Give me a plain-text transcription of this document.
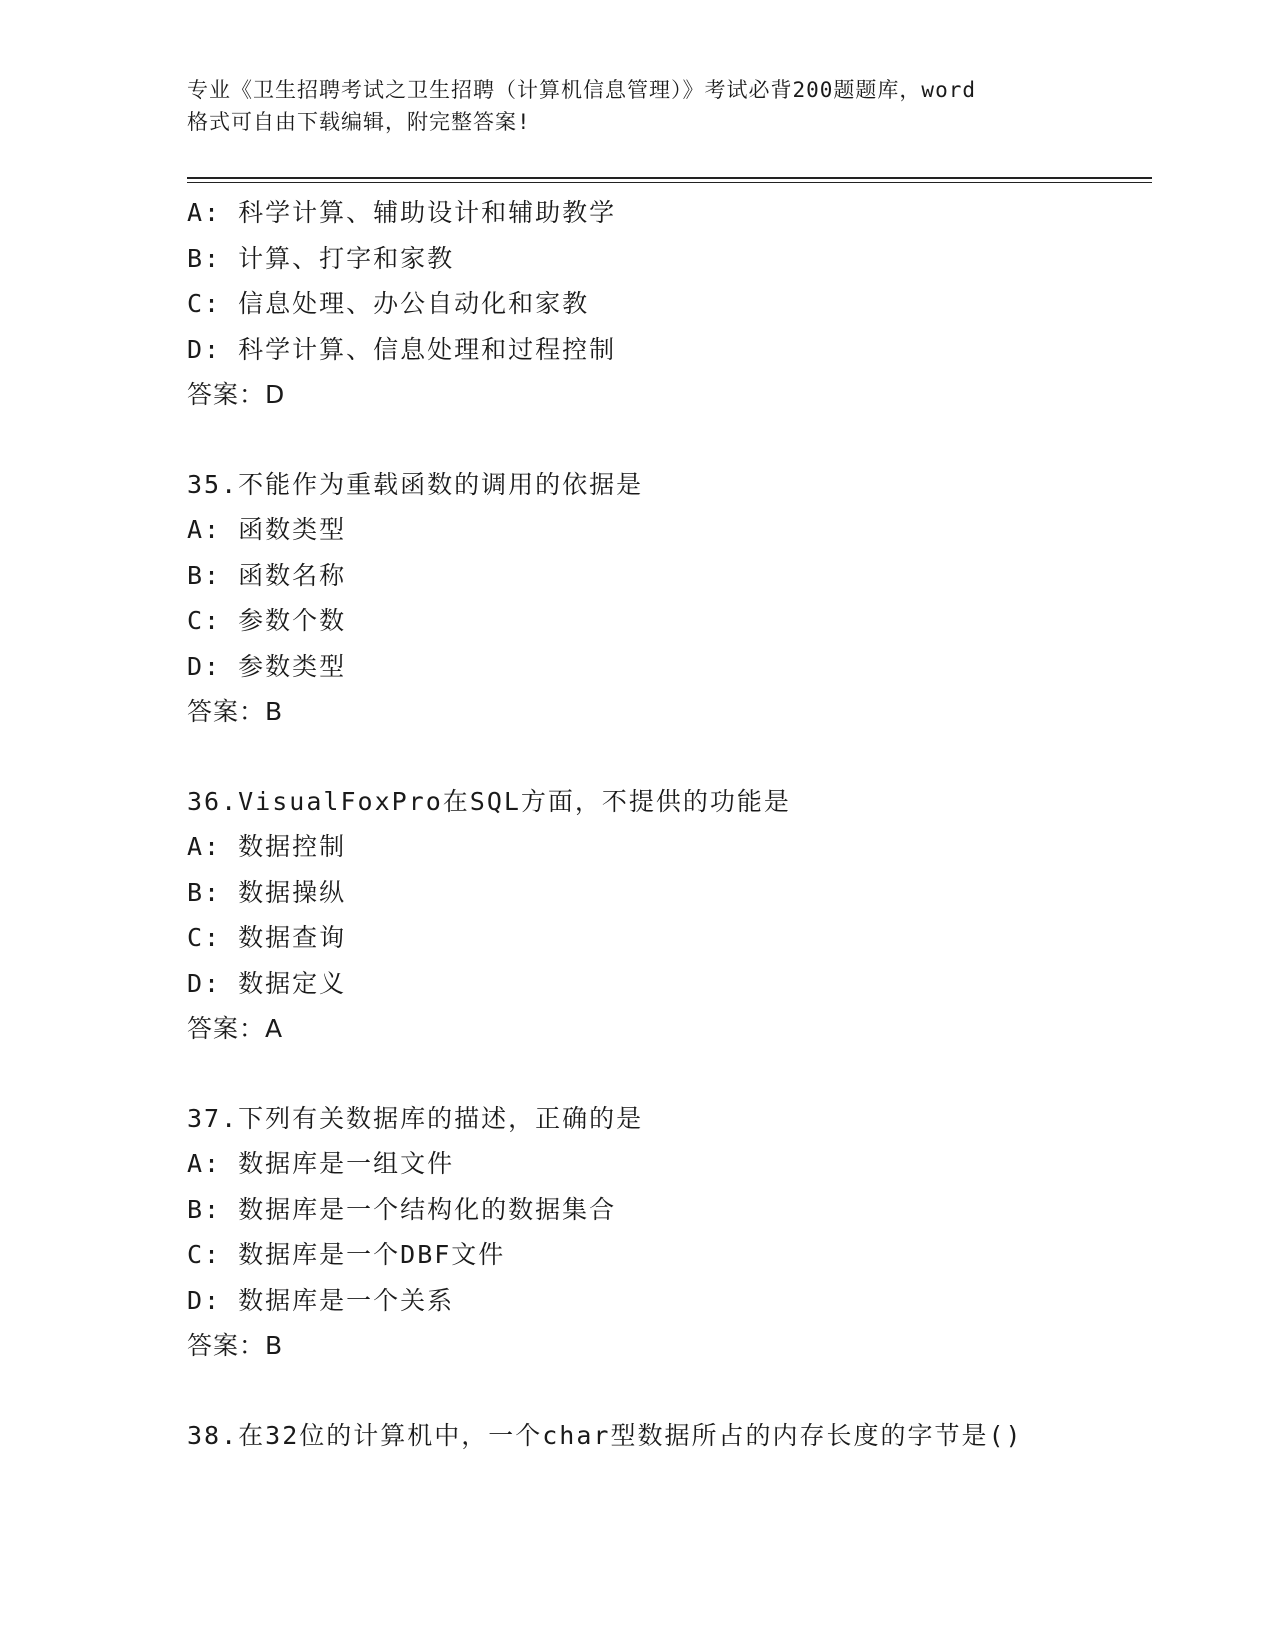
专业《卫生招聘考试之卫生招聘（计算机信息管理）》考试必背200题题库，word
格式可自由下载编辑，附完整答案!
A: 科学计算、辅助设计和辅助教学
B: 计算、打字和家教
C: 信息处理、办公自动化和家教
D: 科学计算、信息处理和过程控制
答案：D
35.不能作为重载函数的调用的依据是
A: 函数类型
B: 函数名称
C: 参数个数
D: 参数类型
答案：B
36.VisualFoxPro在SQL方面，不提供的功能是
A: 数据控制
B: 数据操纵
C: 数据查询
D: 数据定义
答案：A
37.下列有关数据库的描述，正确的是
A: 数据库是一组文件
B: 数据库是一个结构化的数据集合
C: 数据库是一个DBF文件
D: 数据库是一个关系
答案：B
38.在32位的计算机中，一个char型数据所占的内存长度的字节是()
